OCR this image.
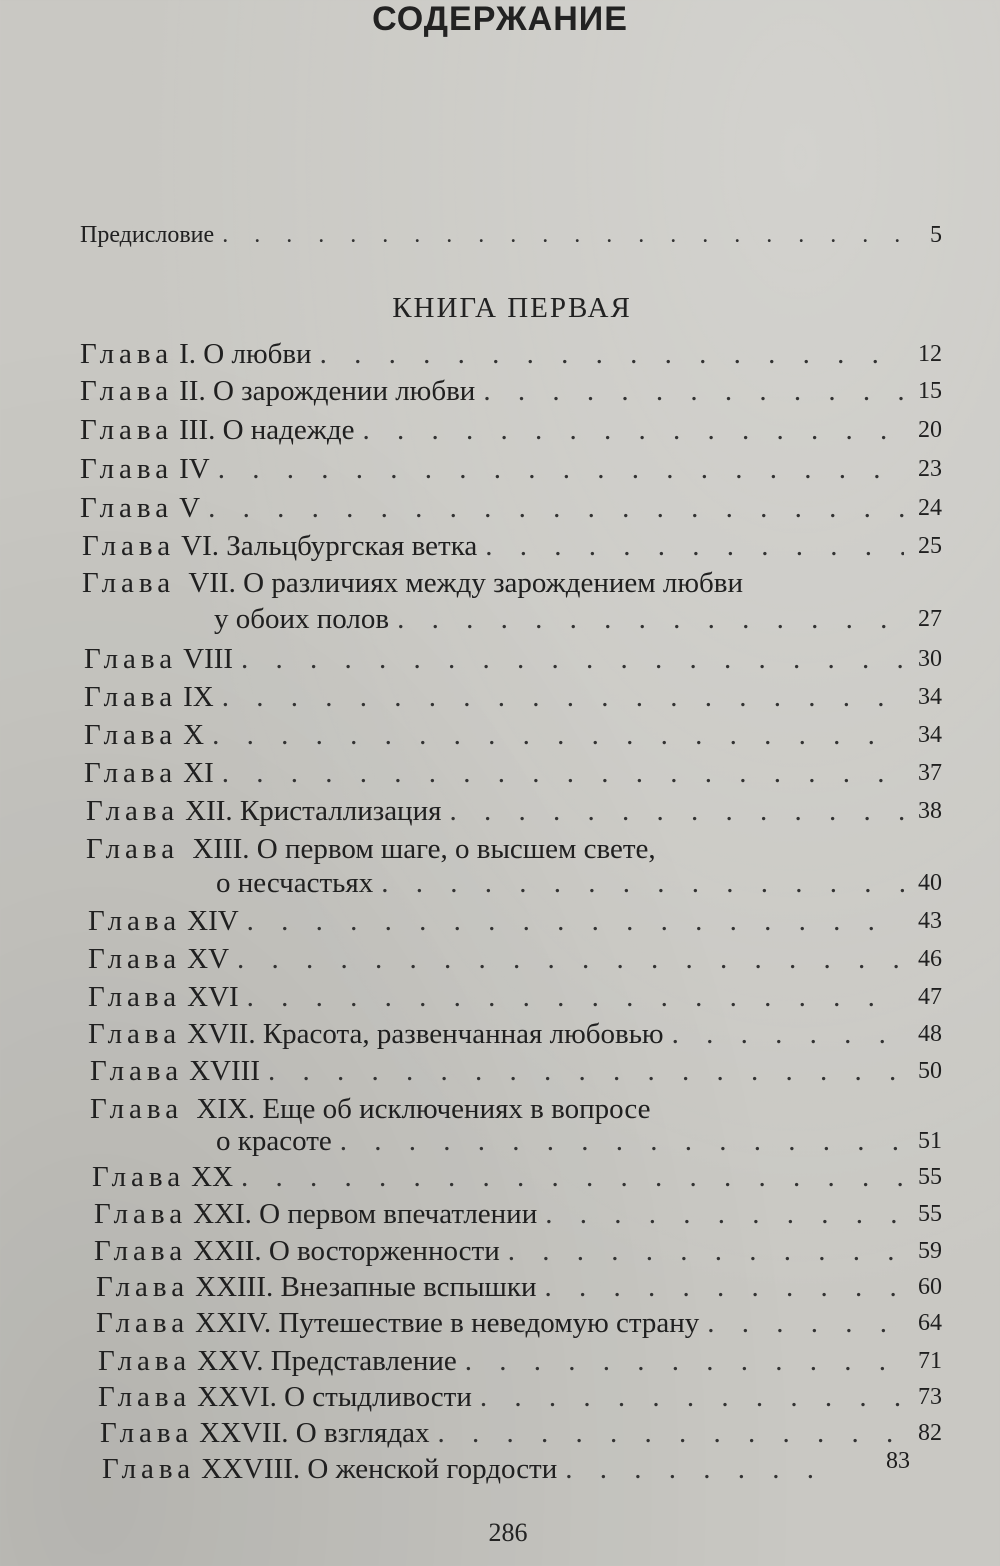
СОДЕРЖАНИЕ
Предисловие . . .	5
КНИГА ПЕРВАЯ
Глава I. О любви . . .	12
Глава II. О зарождении любви . . .	15
Глава III. О надежде . . .	20
Глава IV . . .	23
Глава V . . .	24
Глава VI. Зальцбургская ветка . . .	25
Глава VII. О различиях между зарождением любви
у обоих полов . . .	27
Глава VIII . . .	30
Глава IX . . .	34
Глава X . . .	34
Глава XI . . .	37
Глава XII. Кристаллизация . . .	38
Глава XIII. О первом шаге, о высшем свете,
о несчастьях . . .	40
Глава XIV . . .	43
Глава XV . . .	46
Глава XVI . . .	47
Глава XVII. Красота, развенчанная любовью . . .	48
Глава XVIII . . .	50
Глава XIX. Еще об исключениях в вопросе
о красоте . . .	51
Глава XX . . .	55
Глава XXI. О первом впечатлении . . .	55
Глава XXII. О восторженности . . .	59
Глава XXIII. Внезапные вспышки . . .	60
Глава XXIV. Путешествие в неведомую страну . . .	64
Глава XXV. Представление . . .	71
Глава XXVI. О стыдливости . . .	73
Глава XXVII. О взглядах . . .	82
Глава XXVIII. О женской гордости . . .	83
286
